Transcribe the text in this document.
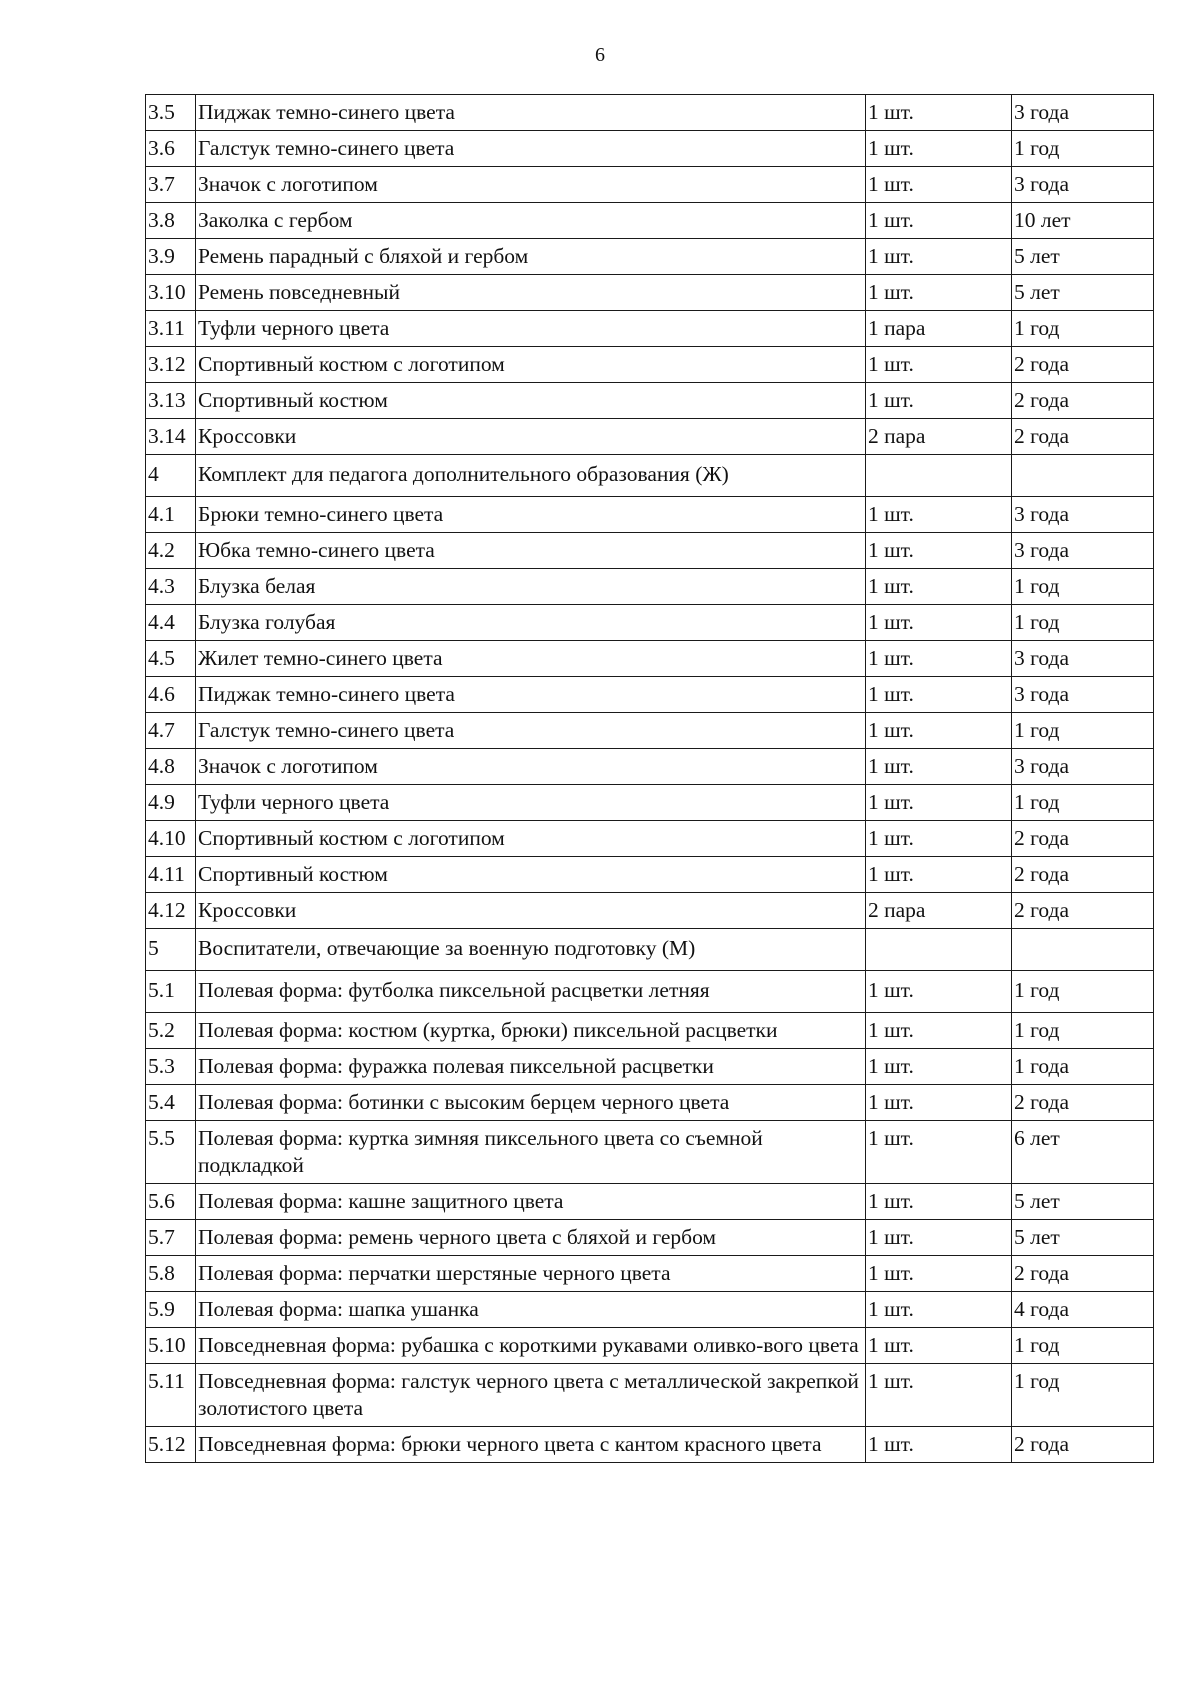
6
3.5	Пиджак темно-синего цвета	1 шт.	3 года
3.6	Галстук темно-синего цвета	1 шт.	1 год
3.7	Значок с логотипом	1 шт.	3 года
3.8	Заколка с гербом	1 шт.	10 лет
3.9	Ремень парадный с бляхой и гербом	1 шт.	5 лет
3.10	Ремень повседневный	1 шт.	5 лет
3.11	Туфли черного цвета	1 пара	1 год
3.12	Спортивный костюм с логотипом	1 шт.	2 года
3.13	Спортивный костюм	1 шт.	2 года
3.14	Кроссовки	2 пара	2 года
4	Комплект для педагога дополнительного образования (Ж)		
4.1	Брюки темно-синего цвета	1 шт.	3 года
4.2	Юбка темно-синего цвета	1 шт.	3 года
4.3	Блузка белая	1 шт.	1 год
4.4	Блузка голубая	1 шт.	1 год
4.5	Жилет темно-синего цвета	1 шт.	3 года
4.6	Пиджак темно-синего цвета	1 шт.	3 года
4.7	Галстук темно-синего цвета	1 шт.	1 год
4.8	Значок с логотипом	1 шт.	3 года
4.9	Туфли черного цвета	1 шт.	1 год
4.10	Спортивный костюм с логотипом	1 шт.	2 года
4.11	Спортивный костюм	1 шт.	2 года
4.12	Кроссовки	2 пара	2 года
5	Воспитатели, отвечающие за военную подготовку (М)		
5.1	Полевая форма: футболка пиксельной расцветки летняя	1 шт.	1 год
5.2	Полевая форма: костюм (куртка, брюки) пиксельной расцветки	1 шт.	1 год
5.3	Полевая форма: фуражка полевая пиксельной расцветки	1 шт.	1 года
5.4	Полевая форма: ботинки с высоким берцем черного цвета	1 шт.	2 года
5.5	Полевая форма: куртка зимняя пиксельного цвета со съемной подкладкой	1 шт.	6 лет
5.6	Полевая форма: кашне защитного цвета	1 шт.	5 лет
5.7	Полевая форма: ремень черного цвета с бляхой и гербом	1 шт.	5 лет
5.8	Полевая форма: перчатки шерстяные черного цвета	1 шт.	2 года
5.9	Полевая форма: шапка ушанка	1 шт.	4 года
5.10	Повседневная форма: рубашка с короткими рукавами оливко-вого цвета	1 шт.	1 год
5.11	Повседневная форма: галстук черного цвета с металлической закрепкой золотистого цвета	1 шт.	1 год
5.12	Повседневная форма: брюки черного цвета с кантом красного цвета	1 шт.	2 года
